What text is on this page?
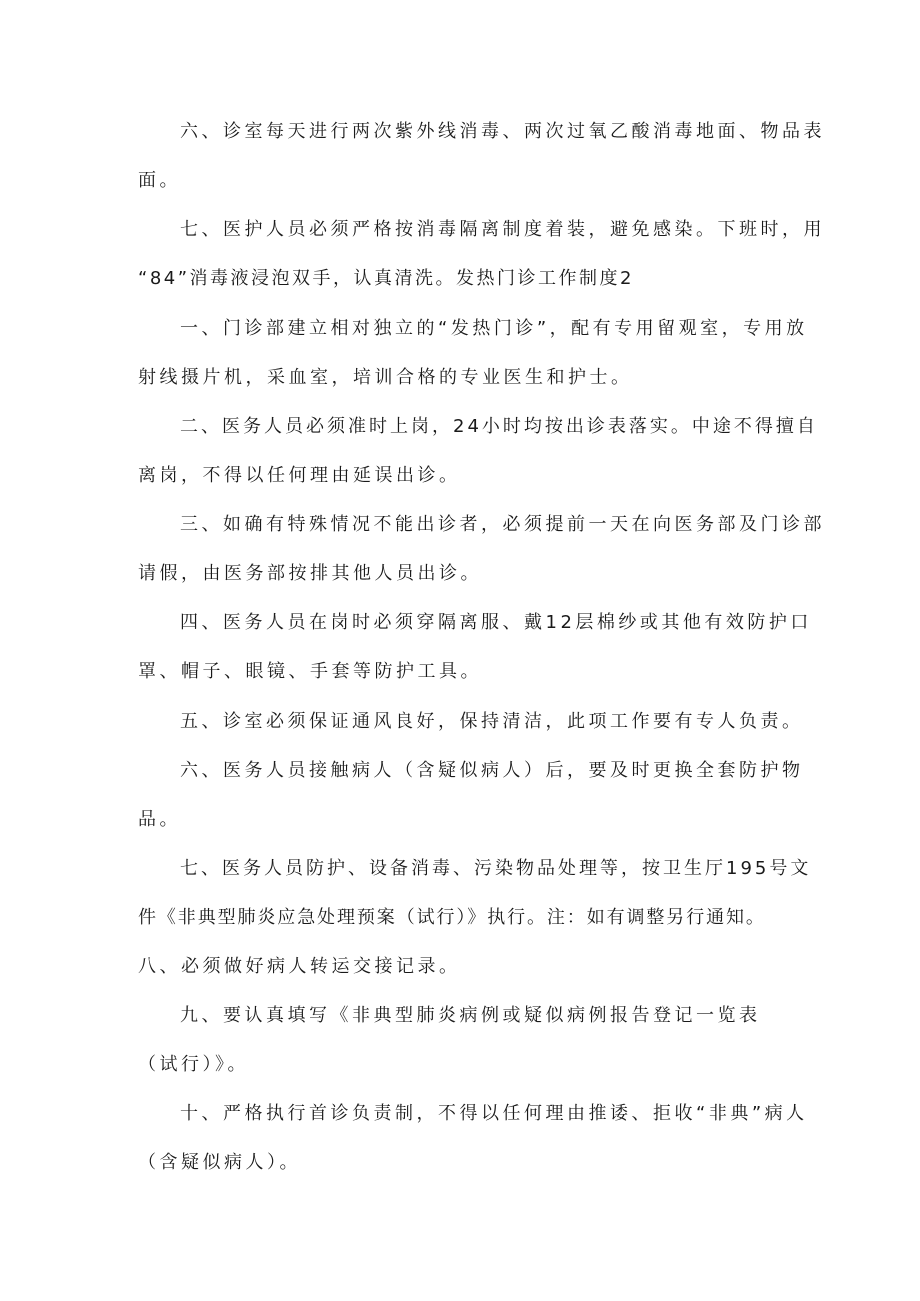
六、诊室每天进行两次紫外线消毒、两次过氧乙酸消毒地面、物品表
面。
七、医护人员必须严格按消毒隔离制度着装，避免感染。下班时，用
“84”消毒液浸泡双手，认真清洗。发热门诊工作制度2
一、门诊部建立相对独立的“发热门诊”，配有专用留观室，专用放
射线摄片机，采血室，培训合格的专业医生和护士。
二、医务人员必须准时上岗，24小时均按出诊表落实。中途不得擅自
离岗，不得以任何理由延误出诊。
三、如确有特殊情况不能出诊者，必须提前一天在向医务部及门诊部
请假，由医务部按排其他人员出诊。
四、医务人员在岗时必须穿隔离服、戴12层棉纱或其他有效防护口
罩、帽子、眼镜、手套等防护工具。
五、诊室必须保证通风良好，保持清洁，此项工作要有专人负责。
六、医务人员接触病人（含疑似病人）后，要及时更换全套防护物
品。
七、医务人员防护、设备消毒、污染物品处理等，按卫生厅195号文
件《非典型肺炎应急处理预案（试行）》执行。注：如有调整另行通知。
八、必须做好病人转运交接记录。
九、要认真填写《非典型肺炎病例或疑似病例报告登记一览表
（试行）》。
十、严格执行首诊负责制，不得以任何理由推诿、拒收“非典”病人
（含疑似病人）。
